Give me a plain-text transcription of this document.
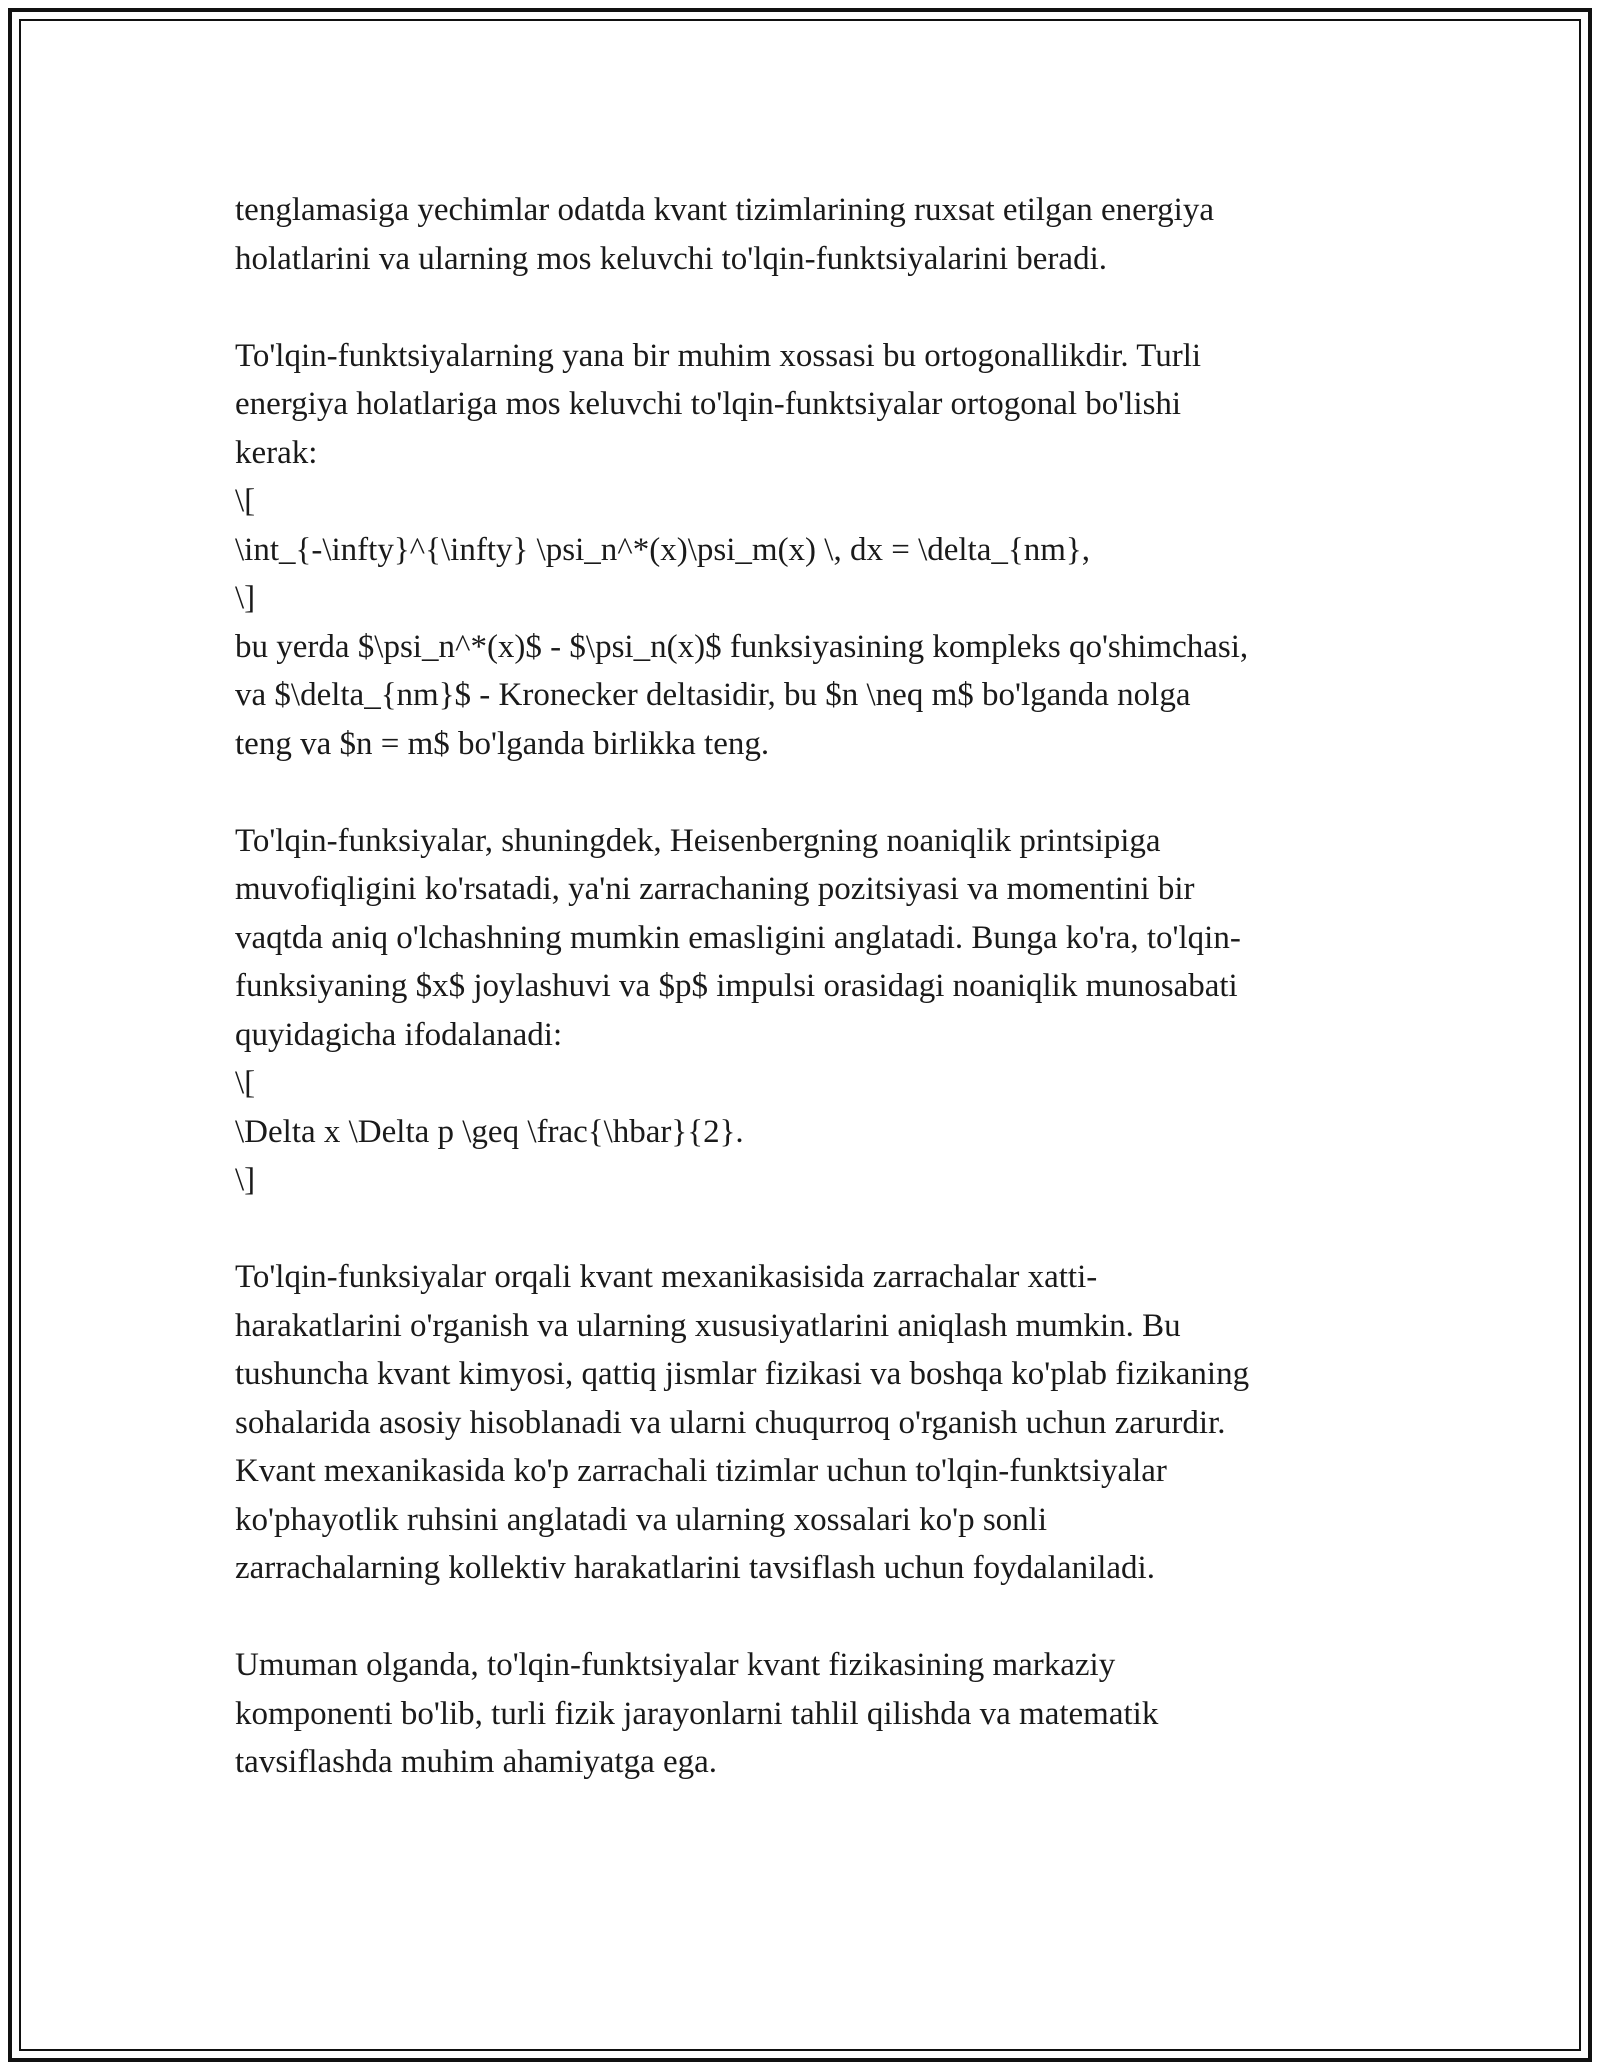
tenglamasiga yechimlar odatda kvant tizimlarining ruxsat etilgan energiya
holatlarini va ularning mos keluvchi to'lqin-funktsiyalarini beradi.

To'lqin-funktsiyalarning yana bir muhim xossasi bu ortogonallikdir. Turli
energiya holatlariga mos keluvchi to'lqin-funktsiyalar ortogonal bo'lishi
kerak:
\[
\int_{-\infty}^{\infty} \psi_n^*(x)\psi_m(x) \, dx = \delta_{nm},
\]
bu yerda $\psi_n^*(x)$ - $\psi_n(x)$ funksiyasining kompleks qo'shimchasi,
va $\delta_{nm}$ - Kronecker deltasidir, bu $n \neq m$ bo'lganda nolga
teng va $n = m$ bo'lganda birlikka teng.

To'lqin-funksiyalar, shuningdek, Heisenbergning noaniqlik printsipiga
muvofiqligini ko'rsatadi, ya'ni zarrachaning pozitsiyasi va momentini bir
vaqtda aniq o'lchashning mumkin emasligini anglatadi. Bunga ko'ra, to'lqin-
funksiyaning $x$ joylashuvi va $p$ impulsi orasidagi noaniqlik munosabati
quyidagicha ifodalanadi:
\[
\Delta x \Delta p \geq \frac{\hbar}{2}.
\]

To'lqin-funksiyalar orqali kvant mexanikasisida zarrachalar xatti-
harakatlarini o'rganish va ularning xususiyatlarini aniqlash mumkin. Bu
tushuncha kvant kimyosi, qattiq jismlar fizikasi va boshqa ko'plab fizikaning
sohalarida asosiy hisoblanadi va ularni chuqurroq o'rganish uchun zarurdir.
Kvant mexanikasida ko'p zarrachali tizimlar uchun to'lqin-funktsiyalar
ko'phayotlik ruhsini anglatadi va ularning xossalari ko'p sonli
zarrachalarning kollektiv harakatlarini tavsiflash uchun foydalaniladi.

Umuman olganda, to'lqin-funktsiyalar kvant fizikasining markaziy
komponenti bo'lib, turli fizik jarayonlarni tahlil qilishda va matematik
tavsiflashda muhim ahamiyatga ega.
